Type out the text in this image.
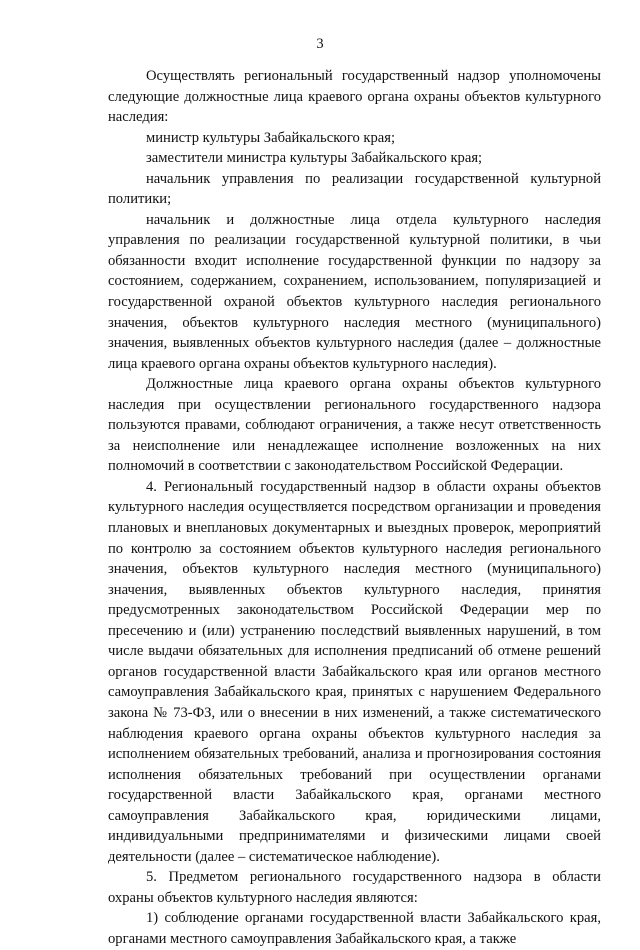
3

Осуществлять региональный государственный надзор уполномочены следующие должностные лица краевого органа охраны объектов культурного наследия:

министр культуры Забайкальского края;

заместители министра культуры Забайкальского края;

начальник управления по реализации государственной культурной политики;

начальник и должностные лица отдела культурного наследия управления по реализации государственной культурной политики, в чьи обязанности входит исполнение государственной функции по надзору за состоянием, содержанием, сохранением, использованием, популяризацией и государственной охраной объектов культурного наследия регионального значения, объектов культурного наследия местного (муниципального) значения, выявленных объектов культурного наследия (далее – должностные лица краевого органа охраны объектов культурного наследия).

Должностные лица краевого органа охраны объектов культурного наследия при осуществлении регионального государственного надзора пользуются правами, соблюдают ограничения, а также несут ответственность за неисполнение или ненадлежащее исполнение возложенных на них полномочий в соответствии с законодательством Российской Федерации.

4. Региональный государственный надзор в области охраны объектов культурного наследия осуществляется посредством организации и проведения плановых и внеплановых документарных и выездных проверок, мероприятий по контролю за состоянием объектов культурного наследия регионального значения, объектов культурного наследия местного (муниципального) значения, выявленных объектов культурного наследия, принятия предусмотренных законодательством Российской Федерации мер по пресечению и (или) устранению последствий выявленных нарушений, в том числе выдачи обязательных для исполнения предписаний об отмене решений органов государственной власти Забайкальского края или органов местного самоуправления Забайкальского края, принятых с нарушением Федерального закона № 73-ФЗ, или о внесении в них изменений, а также систематического наблюдения краевого органа охраны объектов культурного наследия за исполнением обязательных требований, анализа и прогнозирования состояния исполнения обязательных требований при осуществлении органами государственной власти Забайкальского края, органами местного самоуправления Забайкальского края, юридическими лицами, индивидуальными предпринимателями и физическими лицами своей деятельности (далее – систематическое наблюдение).

5. Предметом регионального государственного надзора в области охраны объектов культурного наследия являются:

1) соблюдение органами государственной власти Забайкальского края, органами местного самоуправления Забайкальского края, а также
